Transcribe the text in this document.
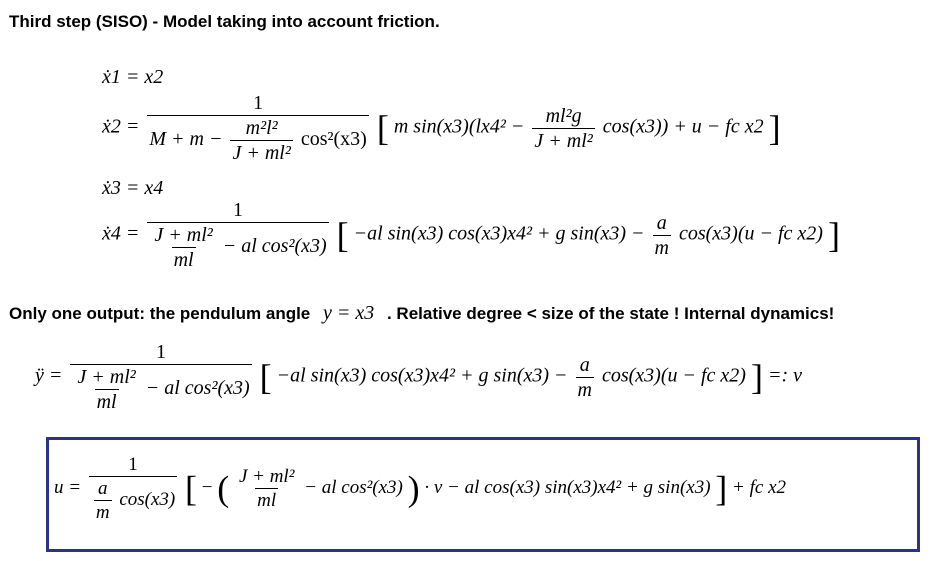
Third step (SISO) - Model taking into account friction.
ẋ1 = x2
ẋ2 =
1
$M + m - \frac{\text{m²l²}}{\text{J + ml²}} \cos^2(x3)$ [ m $\sin(x3)(lx4^2 - \frac{\text{ml²g}}{\text{J + ml²}} \cos(x3)) + u$ − fc x2 ]
ẋ3 = x4
ẋ4 = $\frac{1}{\frac{\text{J + ml²}}{ml} - al \cos^2(x3)}$ [ −al sin(x3) cos(x3)x4² + g $\sin(x3) - \frac{a}{m} \cos(x3)(u$ − fc x2) ]
Only one output: the pendulum angle y = x3 . Relative degree < size of the state ! Internal dynamics!
ÿ = $\frac{1}{\frac{\text{J + ml²}}{ml} - al \cos^2(x3)}$ [ −al sin(x3) cos(x3)x4² + g $\sin(x3) - \frac{a}{m} \cos(x3)(u$ − fc x2) ] =: v
$u = \frac{1}{\frac{a}{m} \cos(x3)}$ [ − ( $\frac{\text{J + ml²}}{ml}$ − al cos²(x3) ) · v − al cos(x3) sin(x3)x4² + g sin(x3) ] + fc x2
